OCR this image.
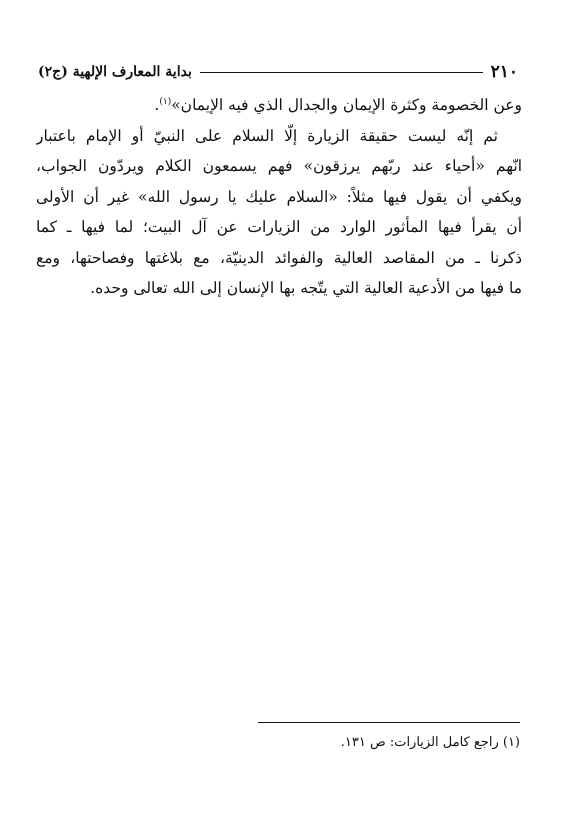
٢١٠
بداية المعارف الإلهية (ج٢)
وعن الخصومة وكثرة الإيمان والجدال الذي فيه الإيمان»$^{(١)}$.
ثم إنّه ليست حقيقة الزيارة إلّا السلام على النبيّ أو الإمام باعتبار
انّهم «أحياء عند ربّهم يرزقون» فهم يسمعون الكلام ويردّون الجواب،
ويكفي أن يقول فيها مثلاً: «السلام عليك يا رسول الله» غير أن الأولى
أن يقرأ فيها المأثور الوارد من الزيارات عن آل البيت؛ لما فيها ـ كما
ذكرنا ـ من المقاصد العالية والفوائد الدينيّة، مع بلاغتها وفصاحتها، ومع
ما فيها من الأدعية العالية التي يتّجه بها الإنسان إلى الله تعالى وحده.
(١) راجع كامل الزيارات: ص ١٣١.
